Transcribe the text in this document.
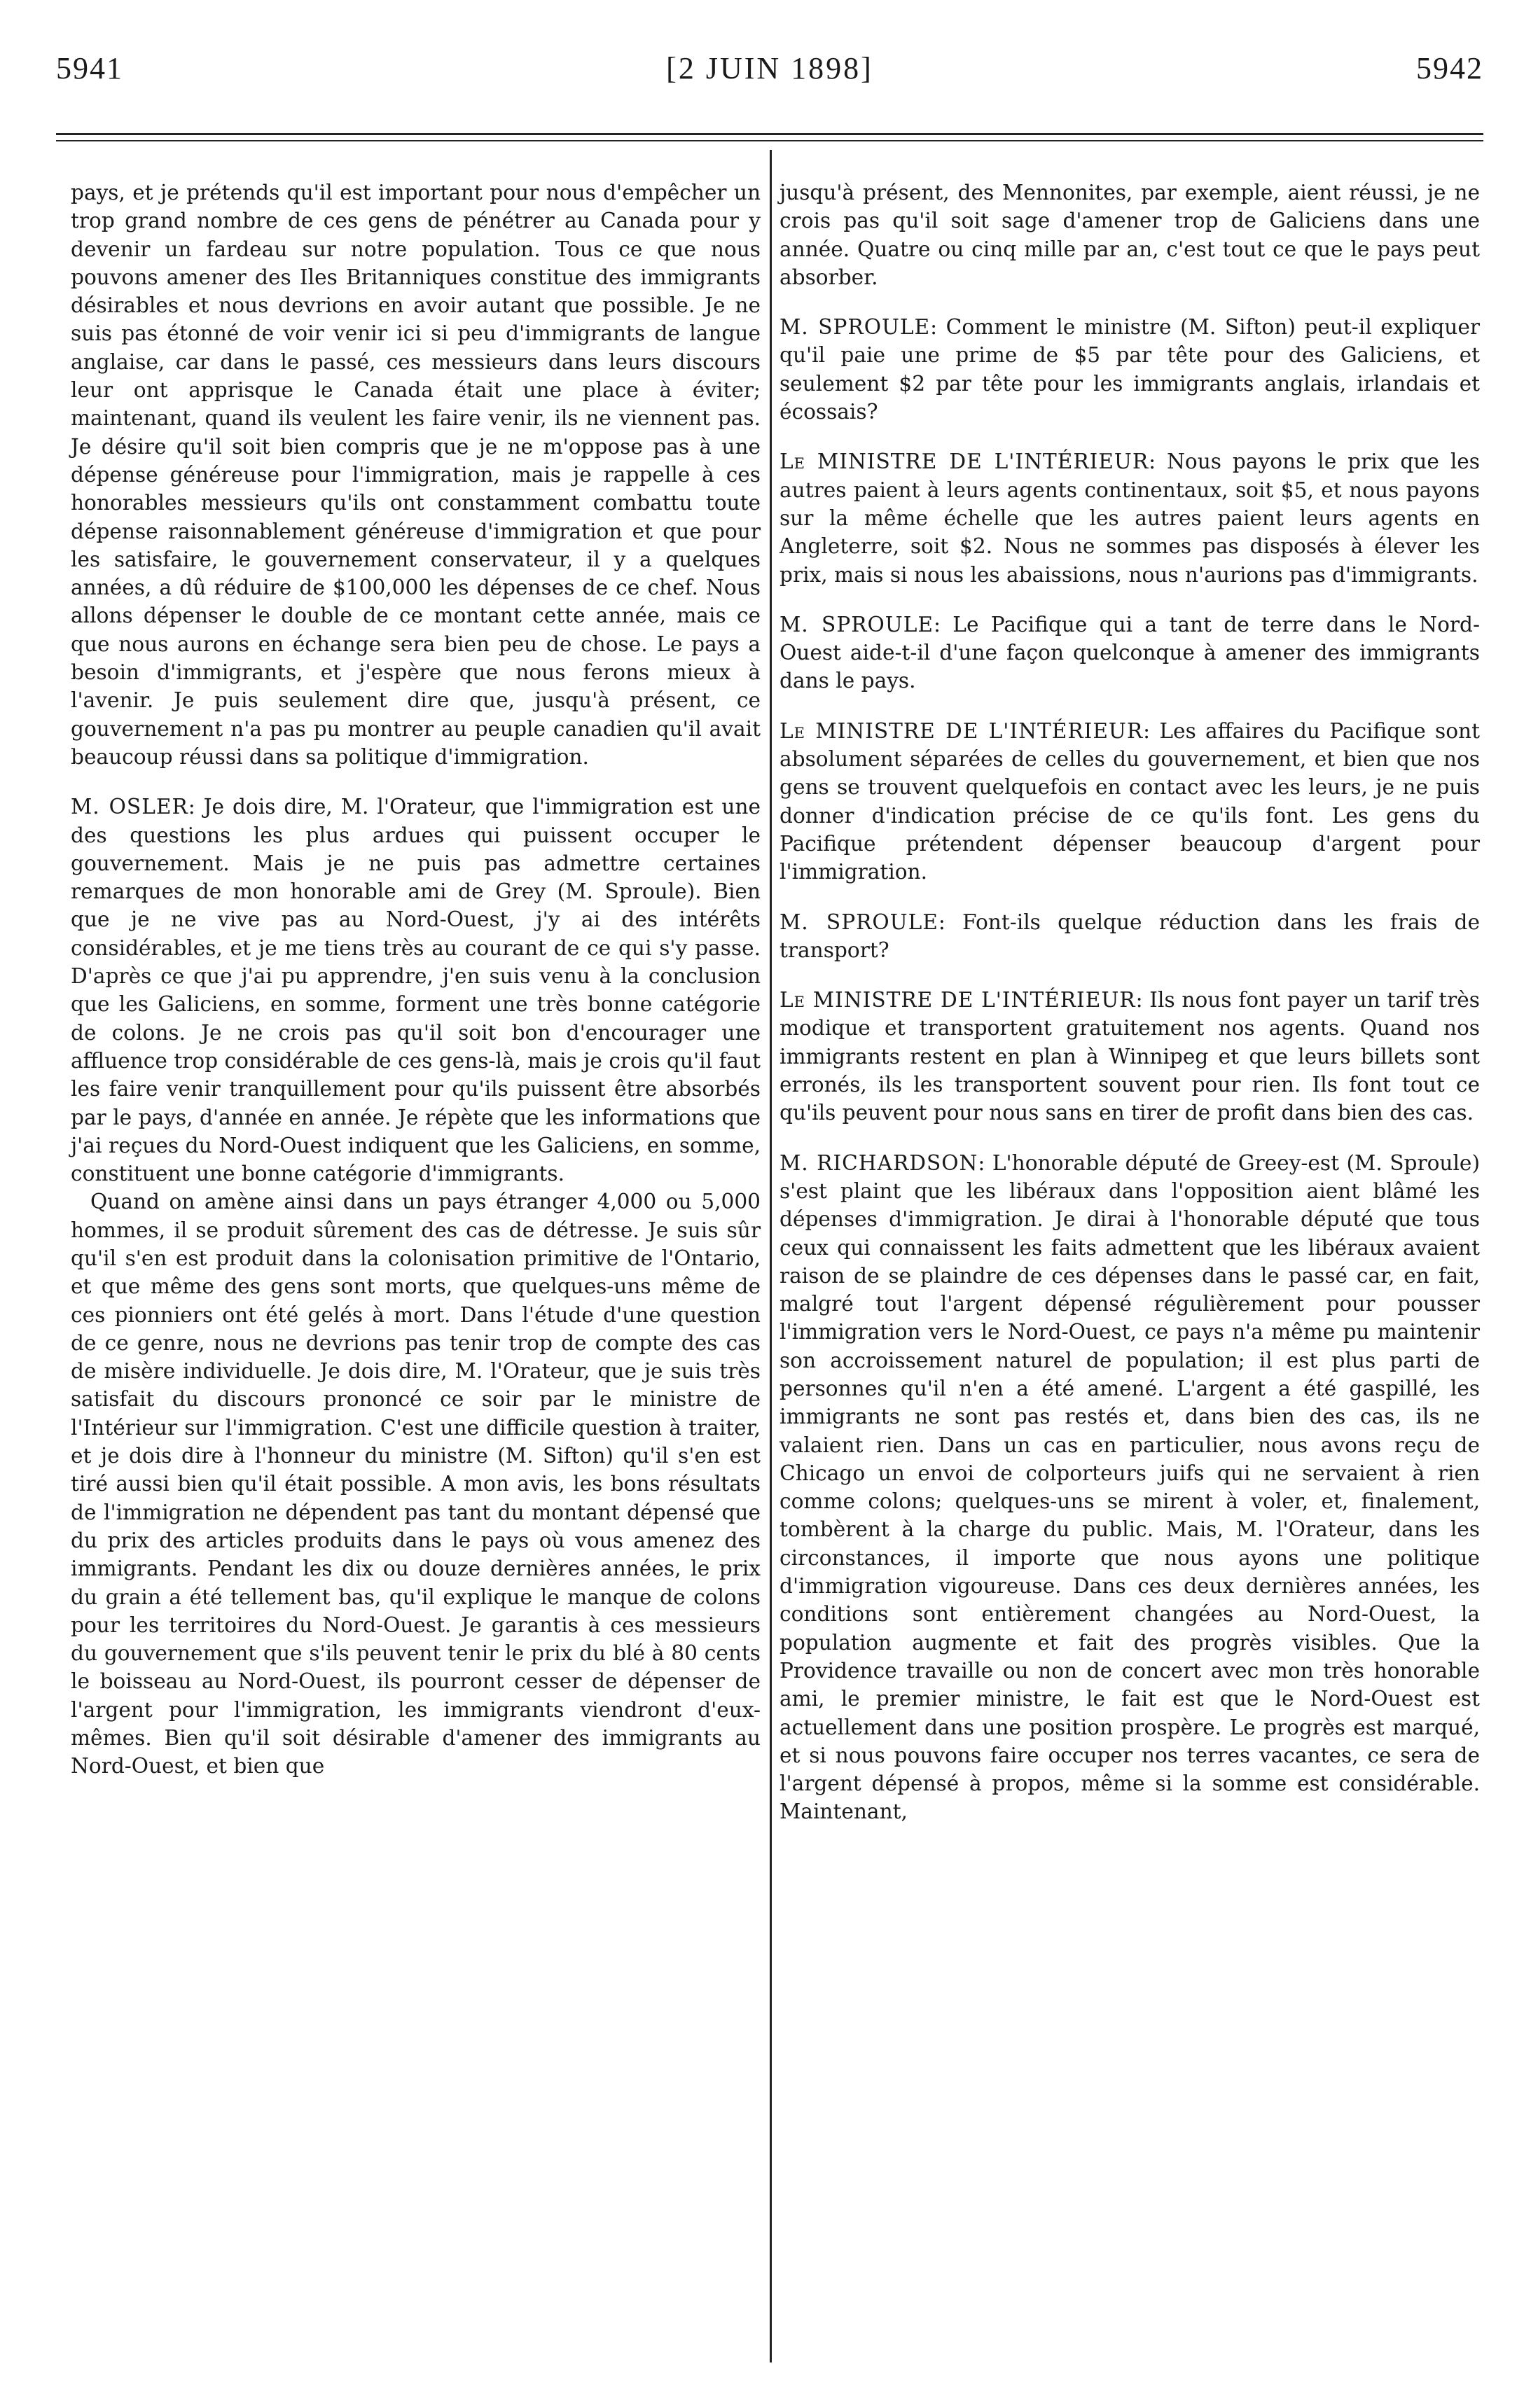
5941	[2 JUIN 1898]	5942

pays, et je prétends qu'il est important pour nous d'empêcher un trop grand nombre de ces gens de pénétrer au Canada pour y devenir un fardeau sur notre population. Tous ce que nous pouvons amener des Iles Britanniques constitue des immigrants désirables et nous devrions en avoir autant que possible. Je ne suis pas étonné de voir venir ici si peu d'immigrants de langue anglaise, car dans le passé, ces messieurs dans leurs discours leur ont apprisque le Canada était une place à éviter; maintenant, quand ils veulent les faire venir, ils ne viennent pas. Je désire qu'il soit bien compris que je ne m'oppose pas à une dépense généreuse pour l'immigration, mais je rappelle à ces honorables messieurs qu'ils ont constamment combattu toute dépense raisonnablement généreuse d'immigration et que pour les satisfaire, le gouvernement conservateur, il y a quelques années, a dû réduire de $100,000 les dépenses de ce chef. Nous allons dépenser le double de ce montant cette année, mais ce que nous aurons en échange sera bien peu de chose. Le pays a besoin d'immigrants, et j'espère que nous ferons mieux à l'avenir. Je puis seulement dire que, jusqu'à présent, ce gouvernement n'a pas pu montrer au peuple canadien qu'il avait beaucoup réussi dans sa politique d'immigration.

M. OSLER: Je dois dire, M. l'Orateur, que l'immigration est une des questions les plus ardues qui puissent occuper le gouvernement. Mais je ne puis pas admettre certaines remarques de mon honorable ami de Grey (M. Sproule). Bien que je ne vive pas au Nord-Ouest, j'y ai des intérêts considérables, et je me tiens très au courant de ce qui s'y passe. D'après ce que j'ai pu apprendre, j'en suis venu à la conclusion que les Galiciens, en somme, forment une très bonne catégorie de colons. Je ne crois pas qu'il soit bon d'encourager une affluence trop considérable de ces gens-là, mais je crois qu'il faut les faire venir tranquillement pour qu'ils puissent être absorbés par le pays, d'année en année. Je répète que les informations que j'ai reçues du Nord-Ouest indiquent que les Galiciens, en somme, constituent une bonne catégorie d'immigrants.

Quand on amène ainsi dans un pays étranger 4,000 ou 5,000 hommes, il se produit sûrement des cas de détresse. Je suis sûr qu'il s'en est produit dans la colonisation primitive de l'Ontario, et que même des gens sont morts, que quelques-uns même de ces pionniers ont été gelés à mort. Dans l'étude d'une question de ce genre, nous ne devrions pas tenir trop de compte des cas de misère individuelle. Je dois dire, M. l'Orateur, que je suis très satisfait du discours prononcé ce soir par le ministre de l'Intérieur sur l'immigration. C'est une difficile question à traiter, et je dois dire à l'honneur du ministre (M. Sifton) qu'il s'en est tiré aussi bien qu'il était possible. A mon avis, les bons résultats de l'immigration ne dépendent pas tant du montant dépensé que du prix des articles produits dans le pays où vous amenez des immigrants. Pendant les dix ou douze dernières années, le prix du grain a été tellement bas, qu'il explique le manque de colons pour les territoires du Nord-Ouest. Je garantis à ces messieurs du gouvernement que s'ils peuvent tenir le prix du blé à 80 cents le boisseau au Nord-Ouest, ils pourront cesser de dépenser de l'argent pour l'immigration, les immigrants viendront d'eux-mêmes. Bien qu'il soit désirable d'amener des immigrants au Nord-Ouest, et bien que

jusqu'à présent, des Mennonites, par exemple, aient réussi, je ne crois pas qu'il soit sage d'amener trop de Galiciens dans une année. Quatre ou cinq mille par an, c'est tout ce que le pays peut absorber.

M. SPROULE: Comment le ministre (M. Sifton) peut-il expliquer qu'il paie une prime de $5 par tête pour des Galiciens, et seulement $2 par tête pour les immigrants anglais, irlandais et écossais?

Le MINISTRE DE L'INTÉRIEUR: Nous payons le prix que les autres paient à leurs agents continentaux, soit $5, et nous payons sur la même échelle que les autres paient leurs agents en Angleterre, soit $2. Nous ne sommes pas disposés à élever les prix, mais si nous les abaissions, nous n'aurions pas d'immigrants.

M. SPROULE: Le Pacifique qui a tant de terre dans le Nord-Ouest aide-t-il d'une façon quelconque à amener des immigrants dans le pays.

Le MINISTRE DE L'INTÉRIEUR: Les affaires du Pacifique sont absolument séparées de celles du gouvernement, et bien que nos gens se trouvent quelquefois en contact avec les leurs, je ne puis donner d'indication précise de ce qu'ils font. Les gens du Pacifique prétendent dépenser beaucoup d'argent pour l'immigration.

M. SPROULE: Font-ils quelque réduction dans les frais de transport?

Le MINISTRE DE L'INTÉRIEUR: Ils nous font payer un tarif très modique et transportent gratuitement nos agents. Quand nos immigrants restent en plan à Winnipeg et que leurs billets sont erronés, ils les transportent souvent pour rien. Ils font tout ce qu'ils peuvent pour nous sans en tirer de profit dans bien des cas.

M. RICHARDSON: L'honorable député de Greey-est (M. Sproule) s'est plaint que les libéraux dans l'opposition aient blâmé les dépenses d'immigration. Je dirai à l'honorable député que tous ceux qui connaissent les faits admettent que les libéraux avaient raison de se plaindre de ces dépenses dans le passé car, en fait, malgré tout l'argent dépensé régulièrement pour pousser l'immigration vers le Nord-Ouest, ce pays n'a même pu maintenir son accroissement naturel de population; il est plus parti de personnes qu'il n'en a été amené. L'argent a été gaspillé, les immigrants ne sont pas restés et, dans bien des cas, ils ne valaient rien. Dans un cas en particulier, nous avons reçu de Chicago un envoi de colporteurs juifs qui ne servaient à rien comme colons; quelques-uns se mirent à voler, et, finalement, tombèrent à la charge du public. Mais, M. l'Orateur, dans les circonstances, il importe que nous ayons une politique d'immigration vigoureuse. Dans ces deux dernières années, les conditions sont entièrement changées au Nord-Ouest, la population augmente et fait des progrès visibles. Que la Providence travaille ou non de concert avec mon très honorable ami, le premier ministre, le fait est que le Nord-Ouest est actuellement dans une position prospère. Le progrès est marqué, et si nous pouvons faire occuper nos terres vacantes, ce sera de l'argent dépensé à propos, même si la somme est considérable. Maintenant,
